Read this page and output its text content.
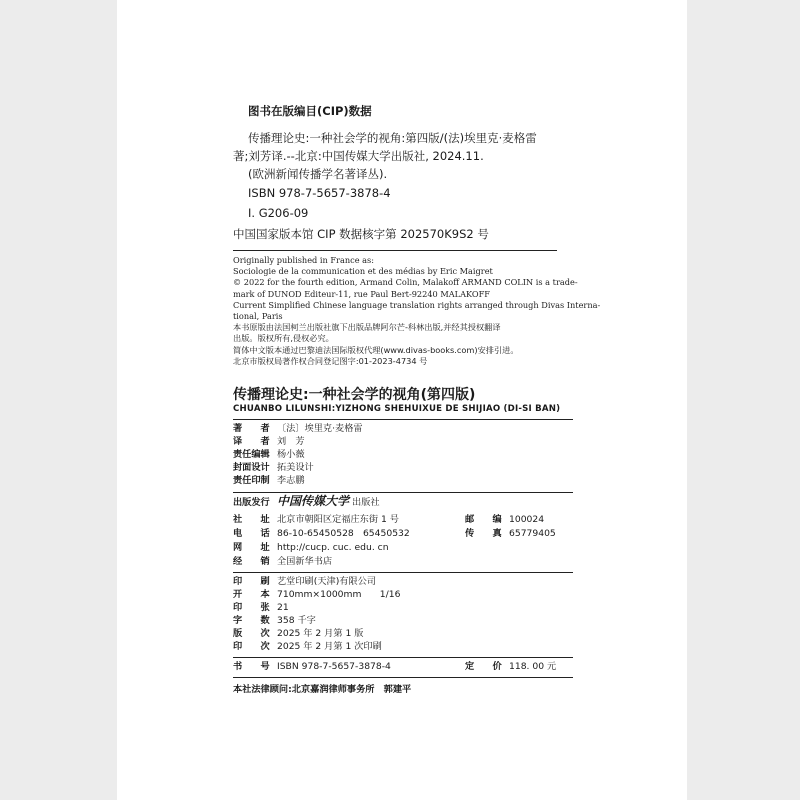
图书在版编目(CIP)数据
传播理论史:一种社会学的视角:第四版/(法)埃里克·麦格雷
著;刘芳译.--北京:中国传媒大学出版社, 2024.11.
(欧洲新闻传播学名著译丛).
ISBN 978-7-5657-3878-4
Ⅰ. G206-09
中国国家版本馆 CIP 数据核字第 202570K9S2 号
Originally published in France as:
Sociologie de la communication et des médias by Eric Maigret
© 2022 for the fourth edition, Armand Colin, Malakoff ARMAND COLIN is a trade-
mark of DUNOD Editeur-11, rue Paul Bert-92240 MALAKOFF
Current Simplified Chinese language translation rights arranged through Divas Interna-
tional, Paris
本书原版由法国柯兰出版社旗下出版品牌阿尔芒-科林出版,并经其授权翻译
出版。版权所有,侵权必究。
简体中文版本通过巴黎迪法国际版权代理(www.divas-books.com)安排引进。
北京市版权局著作权合同登记图字:01-2023-4734 号
传播理论史:一种社会学的视角(第四版)
CHUANBO LILUNSHI:YIZHONG SHEHUIXUE DE SHIJIAO (DI-SI BAN)
著　　者 〔法〕埃里克·麦格雷
译　　者 刘　芳
责任编辑 杨小薇
封面设计 拓美设计
责任印制 李志鹏
出版发行 中国传媒大学 出版社
社　　址 北京市朝阳区定福庄东街 1 号	邮　　编 100024
电　　话 86-10-65450528　65450532	传　　真 65779405
网　　址 http://cucp. cuc. edu. cn
经　　销 全国新华书店
印　　刷 艺堂印刷(天津)有限公司
开　　本 710mm×1000mm　　1/16
印　　张 21
字　　数 358 千字
版　　次 2025 年 2 月第 1 版
印　　次 2025 年 2 月第 1 次印刷
书　　号 ISBN 978-7-5657-3878-4	定　　价 118. 00 元
本社法律顾问:北京嘉润律师事务所　郭建平
